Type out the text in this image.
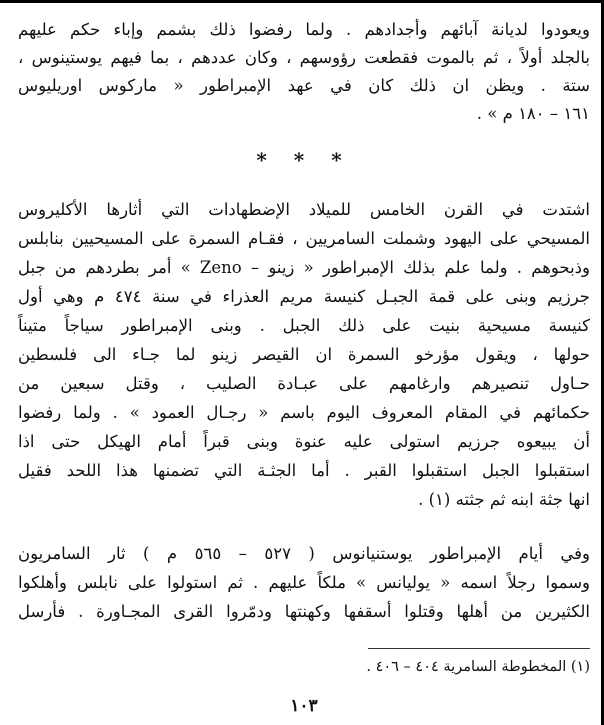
ويعودوا لديانة آبائهم وأجدادهم . ولما رفضوا ذلك بشمم وإباء حكم عليهم
بالجلد أولاً ، ثم بالموت فقطعت رؤوسهم ، وكان عددهم ، بما فيهم يوستينوس ،
ستة . ويظن ان ذلك كان في عهد الإمبراطور « ماركوس اوريليوس
١٦١ – ١٨٠ م » .
* * *
اشتدت في القرن الخامس للميلاد الإضطهادات التي أثارها الأكليروس
المسيحي على اليهود وشملت السامريين ، فقـام السمرة على المسيحيين بنابلس
وذبحوهم . ولما علم بذلك الإمبراطور « زينو – Zeno » أمر بطردهم من جبل
جرزيم وبنى على قمة الجبـل كنيسة مريم العذراء في سنة ٤٧٤ م وهي أول
كنيسة مسيحية بنيت على ذلك الجبل . وبنى الإمبراطور سياجاً متيناً
حولها ، ويقول مؤرخو السمرة ان القيصر زينو لما جـاء الى فلسطين
حـاول تنصيرهم وارغامهم على عبـادة الصليب ، وقتل سبعين من
حكمائهم في المقام المعروف اليوم باسم « رجـال العمود » . ولما رفضوا
أن يبيعوه جرزيم استولى عليه عنوة وبنى قبراً أمام الهيكل حتى اذا
استقبلوا الجبل استقبلوا القبر . أما الجثـة التي تضمنها هذا اللحد فقيل
انها جثة ابنه ثم جثته (١) .
وفي أيام الإمبراطور يوستنيانوس ( ٥٢٧ – ٥٦٥ م ) ثار السامريون
وسموا رجلاً اسمه « يوليانس » ملكاً عليهم . ثم استولوا على نابلس وأهلكوا
الكثيرين من أهلها وقتلوا أسقفها وكهنتها ودمّروا القرى المجـاورة . فأرسل
(١) المخطوطة السامرية ٤٠٤ – ٤٠٦ .
١٠٣
